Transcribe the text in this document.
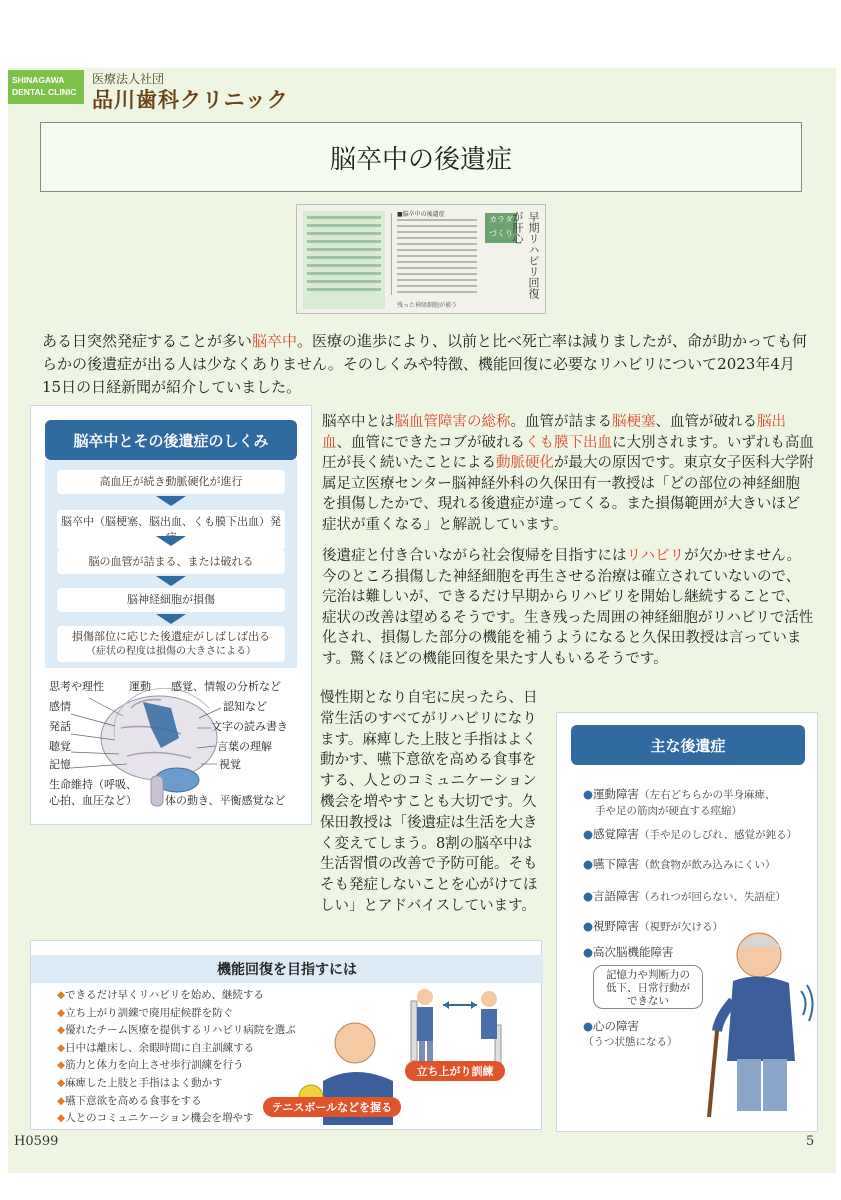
SHINAGAWA
DENTAL CLINIC
医療法人社団
品川歯科クリニック
脳卒中の後遺症
■脳卒中の後遺症
カラダ
づくり	早期リハビリ回復が肝心
残った神経細胞が補う
ある日突然発症することが多い脳卒中。医療の進歩により、以前と比べ死亡率は減りましたが、命が助かっても何らかの後遺症が出る人は少なくありません。そのしくみや特徴、機能回復に必要なリハビリについて2023年4月15日の日経新聞が紹介していました。
脳卒中とその後遺症のしくみ
高血圧が続き動脈硬化が進行
脳卒中（脳梗塞、脳出血、くも膜下出血）発症
脳の血管が詰まる、または破れる
脳神経細胞が損傷
損傷部位に応じた後遺症がしばしば出る
（症状の程度は損傷の大きさによる）
思考や理性 運動 感覚、情報の分析など
感情	認知など
発話	文字の読み書き
聴覚	言葉の理解
記憶	視覚
生命維持（呼吸、
心拍、血圧など）	体の動き、平衡感覚など
脳卒中とは脳血管障害の総称。血管が詰まる脳梗塞、血管が破れる脳出血、血管にできたコブが破れるくも膜下出血に大別されます。いずれも高血圧が長く続いたことによる動脈硬化が最大の原因です。東京女子医科大学附属足立医療センター脳神経外科の久保田有一教授は「どの部位の神経細胞を損傷したかで、現れる後遺症が違ってくる。また損傷範囲が大きいほど症状が重くなる」と解説しています。
後遺症と付き合いながら社会復帰を目指すにはリハビリが欠かせません。今のところ損傷した神経細胞を再生させる治療は確立されていないので、完治は難しいが、できるだけ早期からリハビリを開始し継続することで、症状の改善は望めるそうです。生き残った周囲の神経細胞がリハビリで活性化され、損傷した部分の機能を補うようになると久保田教授は言っています。驚くほどの機能回復を果たす人もいるそうです。
慢性期となり自宅に戻ったら、日常生活のすべてがリハビリになります。麻痺した上肢と手指はよく動かす、嚥下意欲を高める食事をする、人とのコミュニケーション機会を増やすことも大切です。久保田教授は「後遺症は生活を大きく変えてしまう。8割の脳卒中は生活習慣の改善で予防可能。そもそも発症しないことを心がけてほしい」とアドバイスしています。
主な後遺症
●運動障害（左右どちらかの半身麻痺、
手や足の筋肉が硬直する痙縮）
●感覚障害（手や足のしびれ、感覚が鈍る）
●嚥下障害（飲食物が飲み込みにくい）
●言語障害（ろれつが回らない、失語症）
●視野障害（視野が欠ける）
●高次脳機能障害
記憶力や判断力の
低下、日常行動が
できない
●心の障害
（うつ状態になる）
機能回復を目指すには
◆できるだけ早くリハビリを始め、継続する
◆立ち上がり訓練で廃用症候群を防ぐ
◆優れたチーム医療を提供するリハビリ病院を選ぶ
◆日中は離床し、余暇時間に自主訓練する
◆筋力と体力を向上させ歩行訓練を行う
◆麻痺した上肢と手指はよく動かす
◆嚥下意欲を高める食事をする
◆人とのコミュニケーション機会を増やす
立ち上がり訓練
テニスボールなどを握る
H0599	5
